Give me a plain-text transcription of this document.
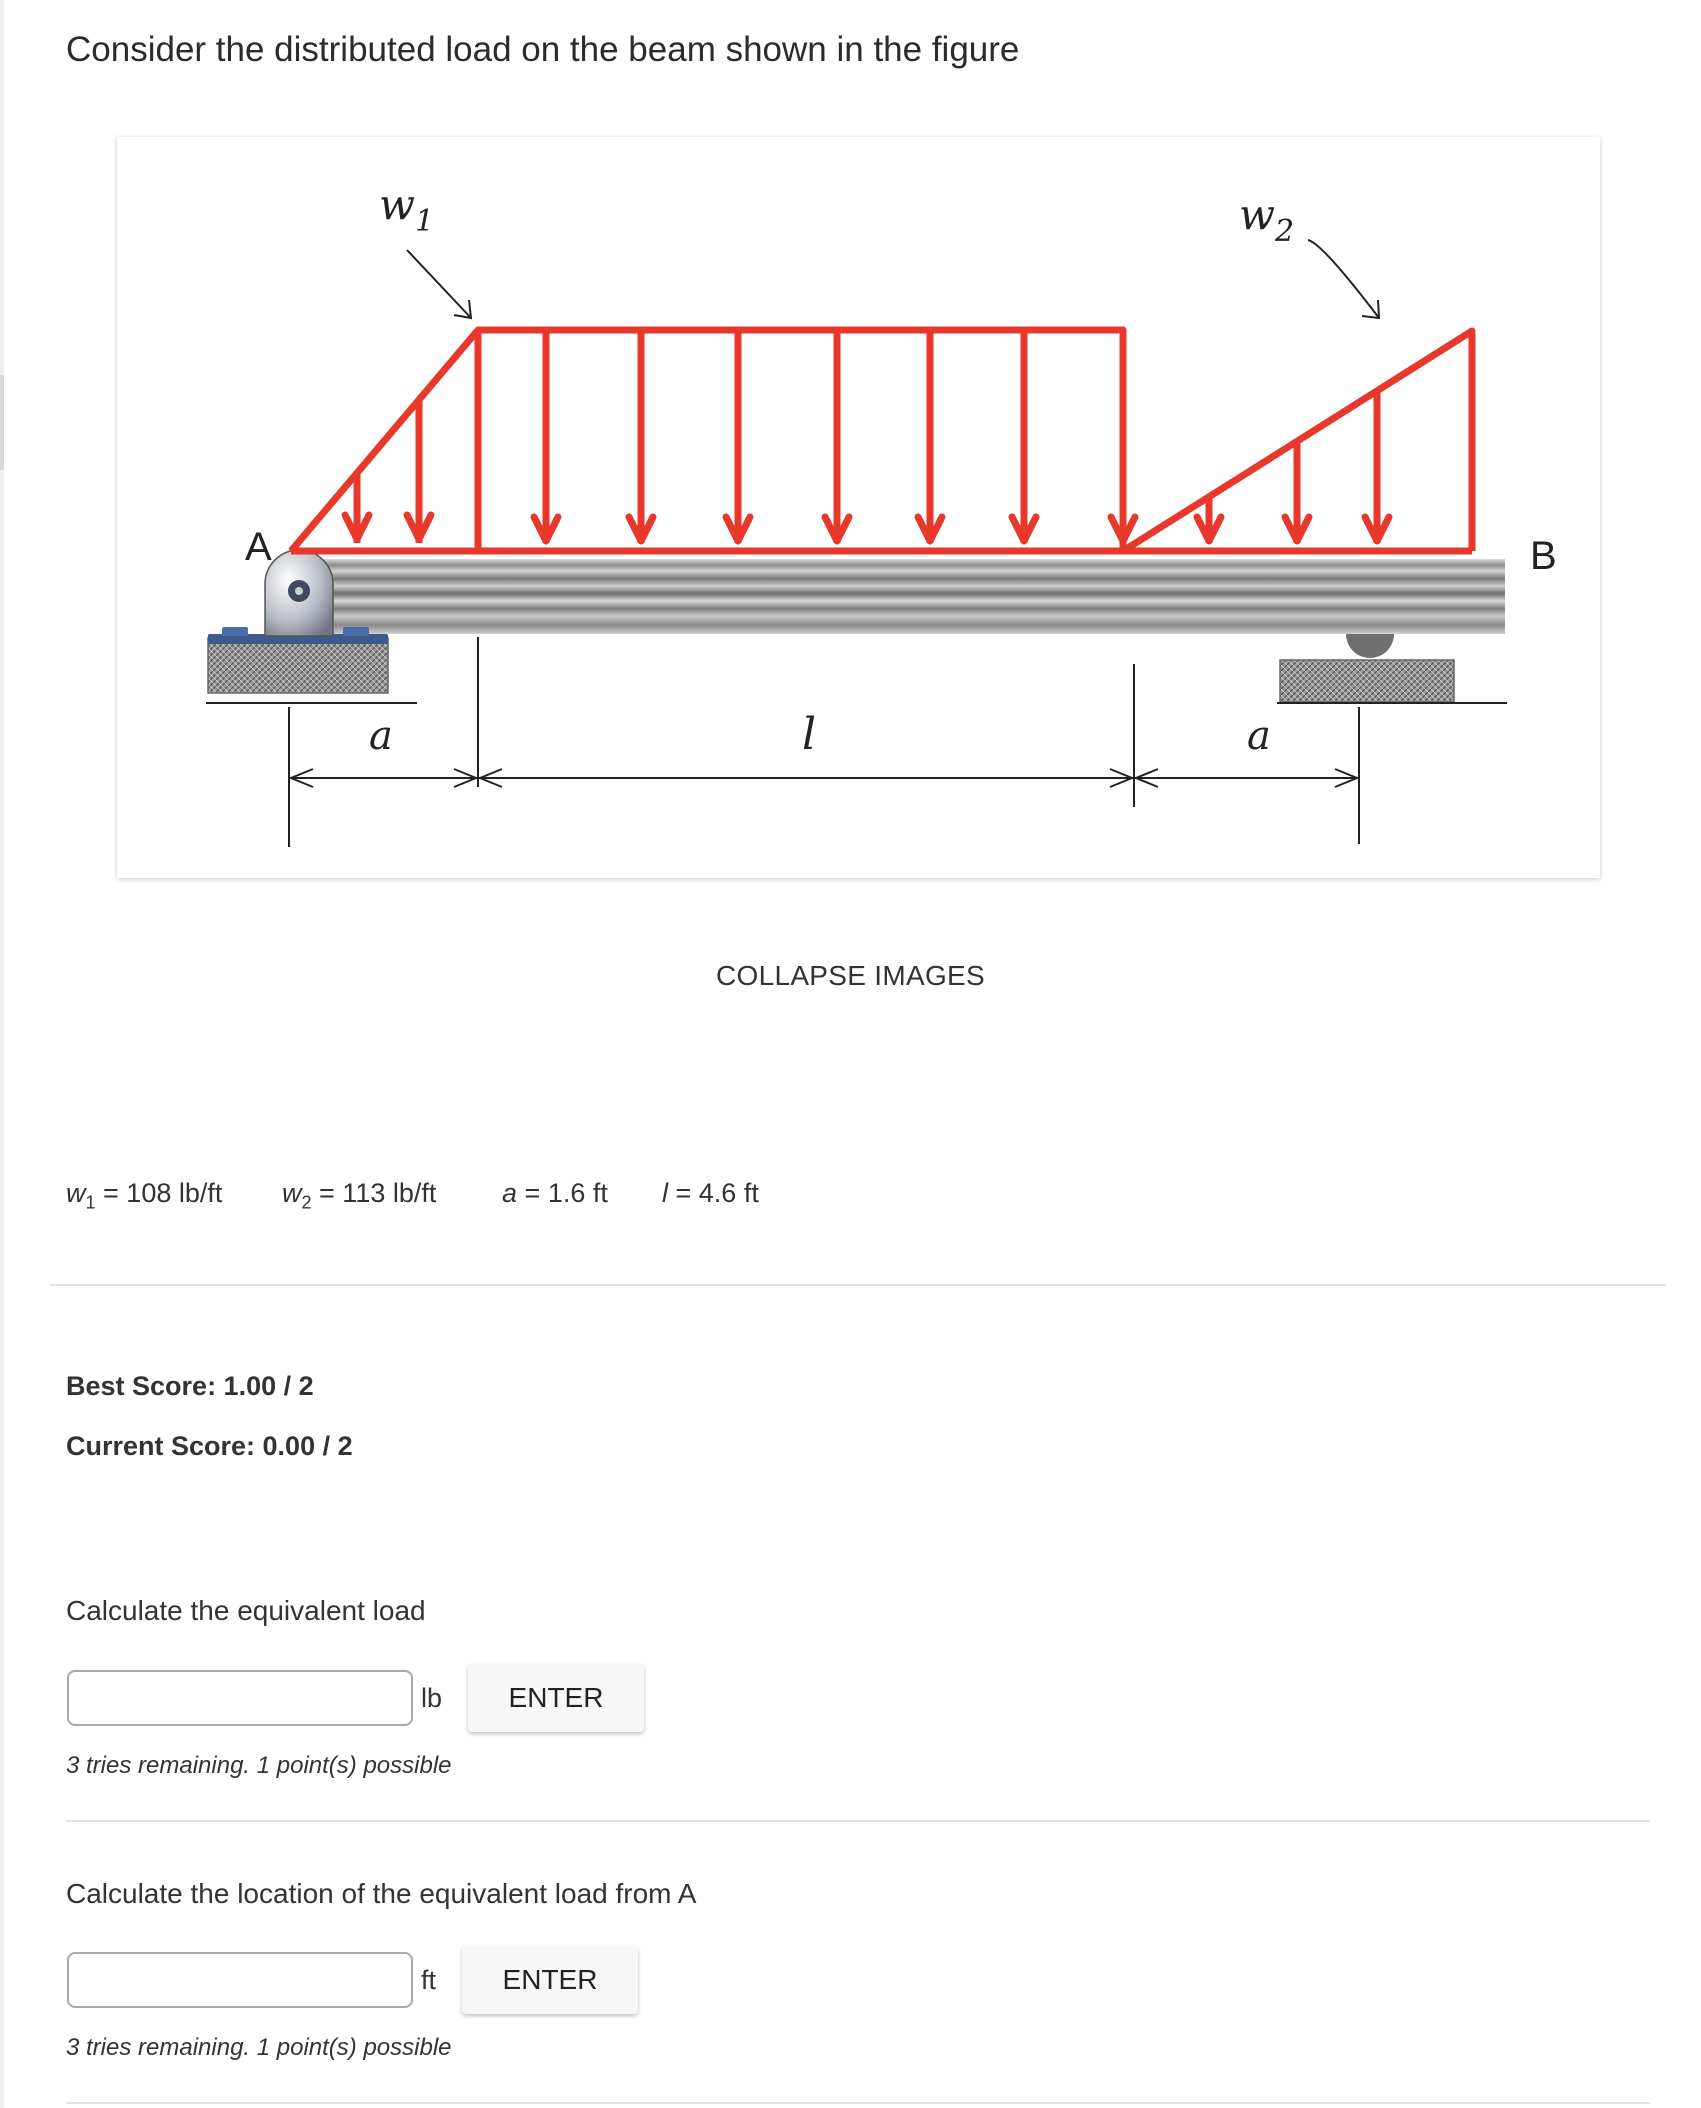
Consider the distributed load on the beam shown in the figure
$w_1$	$w_2$
A	B
a	l	a
COLLAPSE IMAGES
$w_1 = 108$ lb/ft $w_2 = 113$ lb/ft a = 1.6 ft l = 4.6 ft
Best Score: 1.00 / 2
Current Score: 0.00 / 2
Calculate the equivalent load
lb	ENTER
3 tries remaining. 1 point(s) possible
Calculate the location of the equivalent load from A
ft	ENTER
3 tries remaining. 1 point(s) possible
